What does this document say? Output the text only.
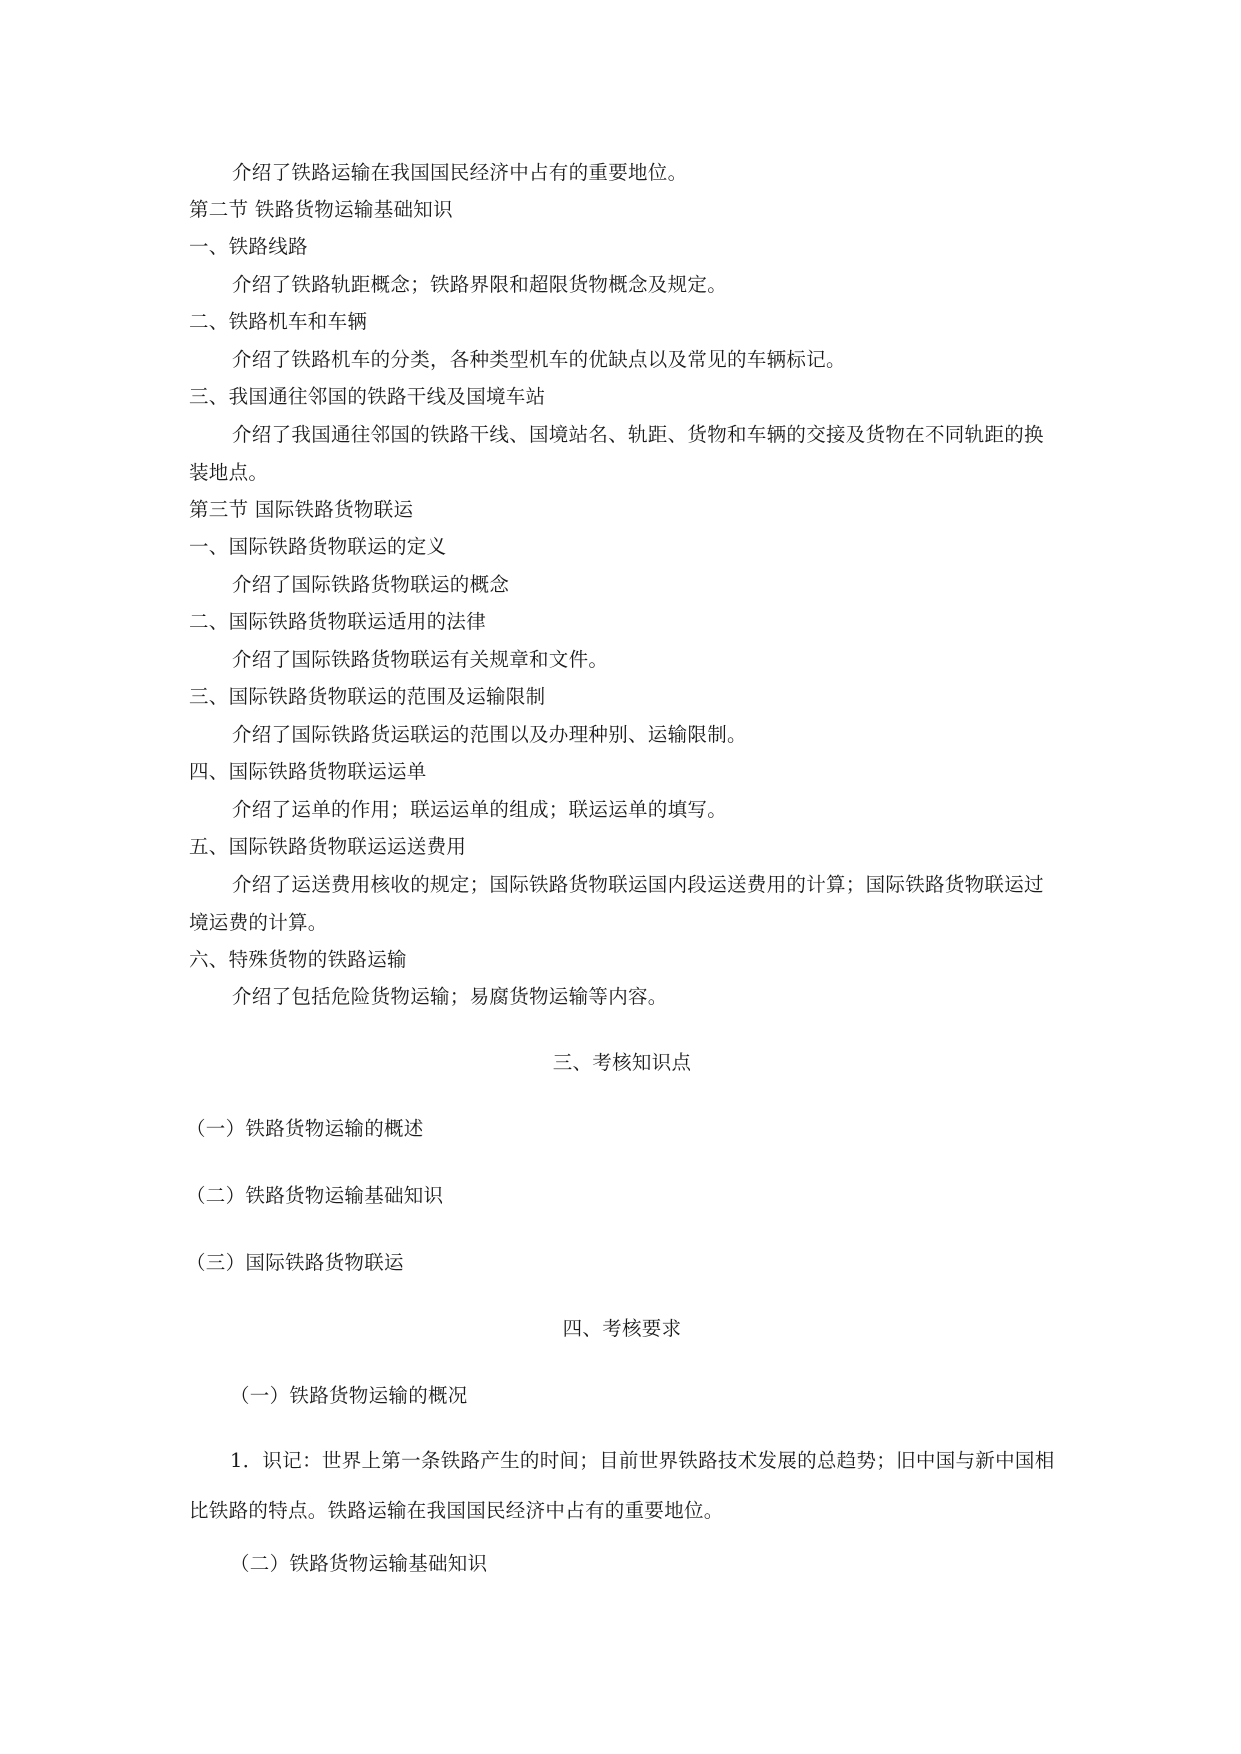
介绍了铁路运输在我国国民经济中占有的重要地位。
第二节 铁路货物运输基础知识
一、铁路线路
介绍了铁路轨距概念；铁路界限和超限货物概念及规定。
二、铁路机车和车辆
介绍了铁路机车的分类，各种类型机车的优缺点以及常见的车辆标记。
三、我国通往邻国的铁路干线及国境车站
介绍了我国通往邻国的铁路干线、国境站名、轨距、货物和车辆的交接及货物在不同轨距的换装地点。
第三节 国际铁路货物联运
一、国际铁路货物联运的定义
介绍了国际铁路货物联运的概念
二、国际铁路货物联运适用的法律
介绍了国际铁路货物联运有关规章和文件。
三、国际铁路货物联运的范围及运输限制
介绍了国际铁路货运联运的范围以及办理种别、运输限制。
四、国际铁路货物联运运单
介绍了运单的作用；联运运单的组成；联运运单的填写。
五、国际铁路货物联运运送费用
介绍了运送费用核收的规定；国际铁路货物联运国内段运送费用的计算；国际铁路货物联运过境运费的计算。
六、特殊货物的铁路运输
介绍了包括危险货物运输；易腐货物运输等内容。
三、考核知识点
（一）铁路货物运输的概述
（二）铁路货物运输基础知识
（三）国际铁路货物联运
四、考核要求
（一）铁路货物运输的概况
1．识记：世界上第一条铁路产生的时间；目前世界铁路技术发展的总趋势；旧中国与新中国相比铁路的特点。铁路运输在我国国民经济中占有的重要地位。
（二）铁路货物运输基础知识
